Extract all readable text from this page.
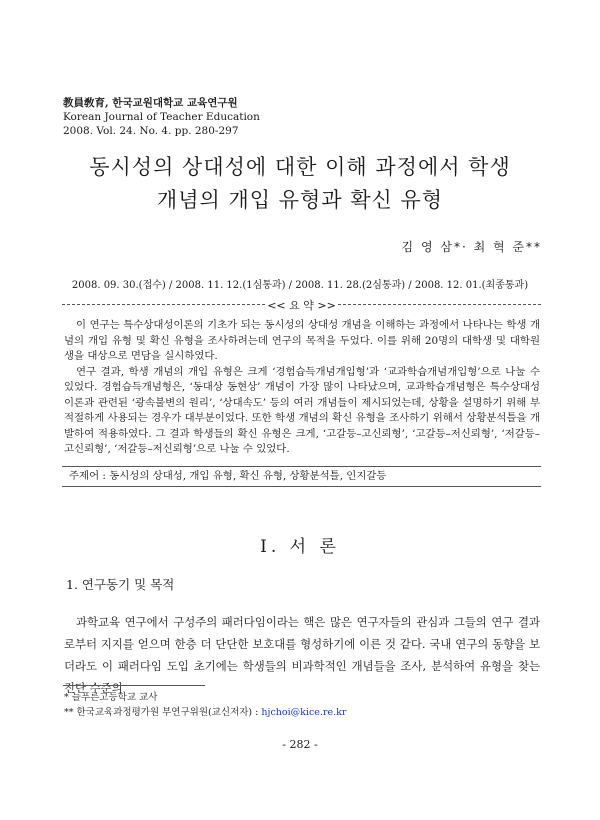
教員敎育, 한국교원대학교 교육연구원
Korean Journal of Teacher Education
2008. Vol. 24. No. 4. pp. 280-297
동시성의 상대성에 대한 이해 과정에서 학생
개념의 개입 유형과 확신 유형
김 영 삼*· 최 혁 준**
2008. 09. 30.(접수) / 2008. 11. 12.(1심통과) / 2008. 11. 28.(2심통과) / 2008. 12. 01.(최종통과)
<< 요 약 >>

이 연구는 특수상대성이론의 기초가 되는 동시성의 상대성 개념을 이해하는 과정에서 나타나는 학생 개념의 개입 유형 및 확신 유형을 조사하려는데 연구의 목적을 두었다. 이를 위해 20명의 대학생 및 대학원생을 대상으로 면담을 실시하였다.

연구 결과, 학생 개념의 개입 유형은 크게 ‘경험습득개념개입형’과 ‘교과학습개념개입형’으로 나눌 수 있었다. 경험습득개념형은, ‘동대상 동현상’ 개념이 가장 많이 나타났으며, 교과학습개념형은 특수상대성이론과 관련된 ‘광속불변의 원리’, ‘상대속도’ 등의 여러 개념들이 제시되었는데, 상황을 설명하기 위해 부적절하게 사용되는 경우가 대부분이었다. 또한 학생 개념의 확신 유형을 조사하기 위해서 상황분석틀을 개발하여 적용하였다. 그 결과 학생들의 확신 유형은 크게, ‘고갈등–고신뢰형’, ‘고갈등–저신뢰형’, ‘저갈등–고신뢰형’, ‘저갈등–저신뢰형’으로 나눌 수 있었다.

주제어 : 동시성의 상대성, 개입 유형, 확신 유형, 상황분석틀, 인지갈등
Ⅰ. 서 론
1. 연구동기 및 목적

과학교육 연구에서 구성주의 패러다임이라는 핵은 많은 연구자들의 관심과 그들의 연구 결과로부터 지지를 얻으며 한층 더 단단한 보호대를 형성하기에 이른 것 같다. 국내 연구의 동향을 보더라도 이 패러다임 도입 초기에는 학생들의 비과학적인 개념들을 조사, 분석하여 유형을 찾는 진단 수준의

* 늘푸른고등학교 교사
** 한국교육과정평가원 부연구위원(교신저자) : hjchoi@kice.re.kr
- 282 -
